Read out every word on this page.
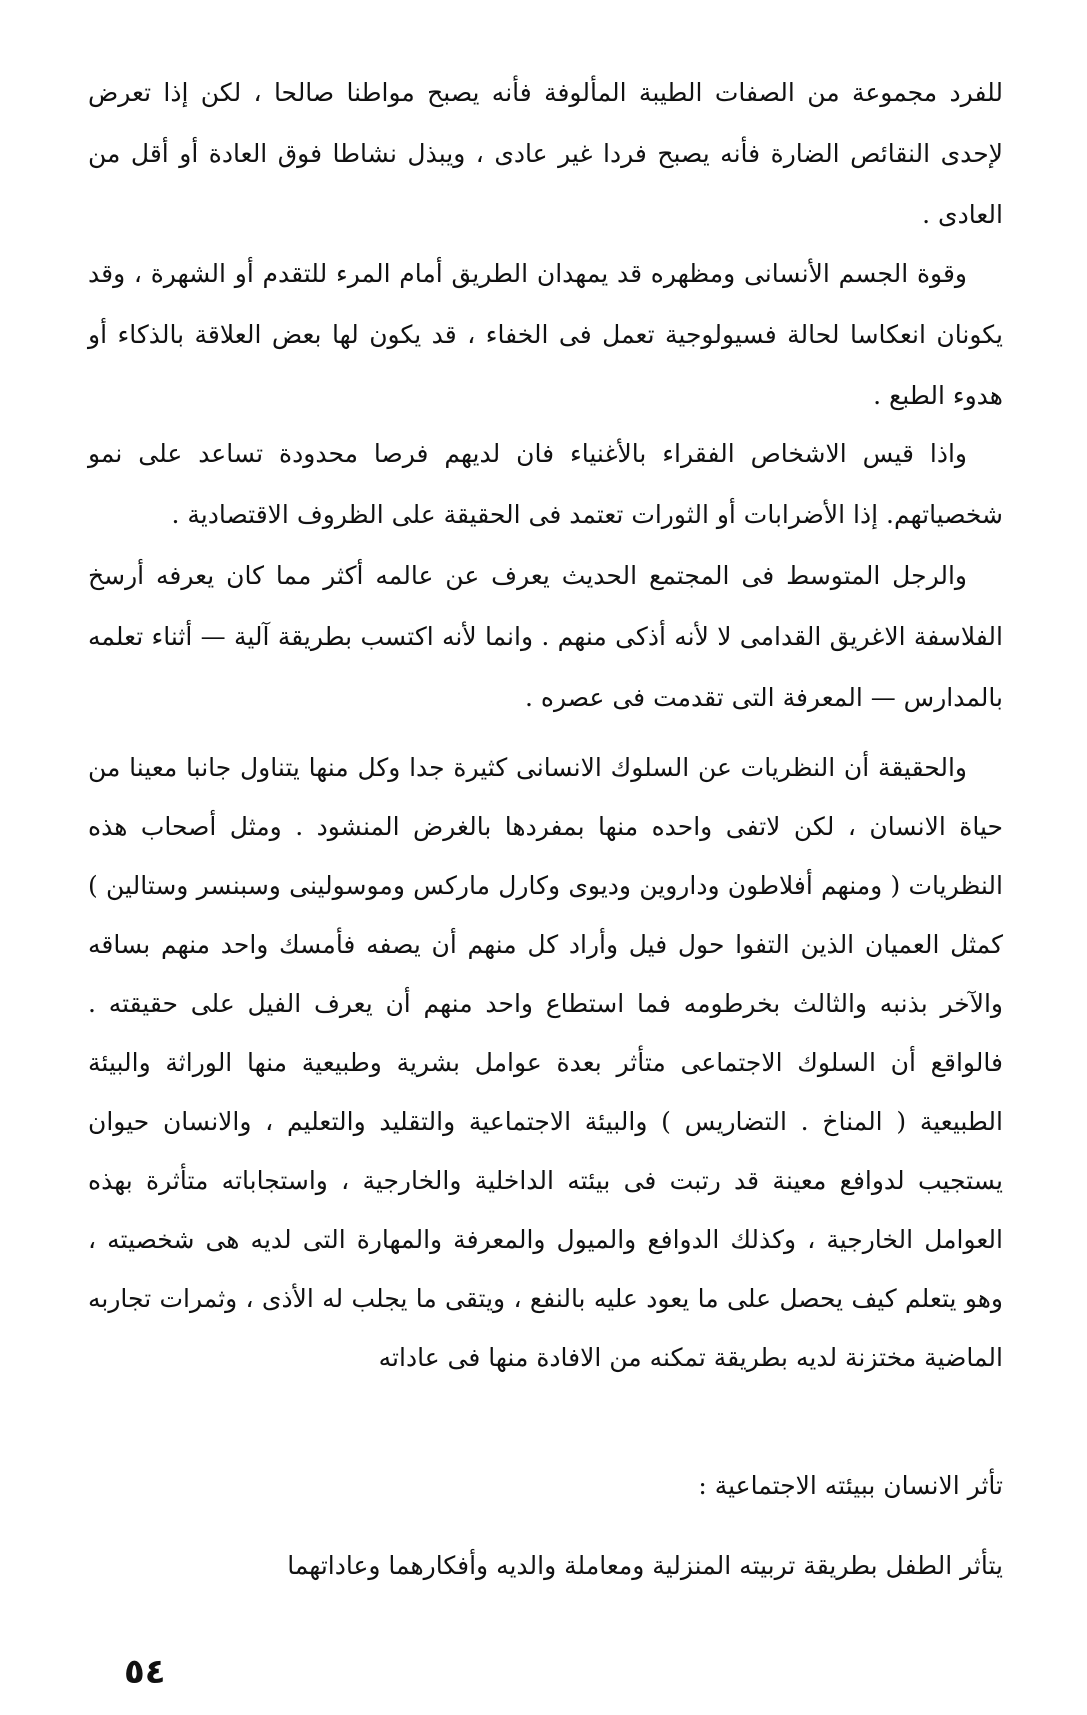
للفرد مجموعة من الصفات الطيبة المألوفة فأنه يصبح مواطنا صالحا ، لكن إذا تعرض لإحدى النقائص الضارة فأنه يصبح فردا غير عادى ، ويبذل نشاطا فوق العادة أو أقل من العادى .

وقوة الجسم الأنسانى ومظهره قد يمهدان الطريق أمام المرء للتقدم أو الشهرة ، وقد يكونان انعكاسا لحالة فسيولوجية تعمل فى الخفاء ، قد يكون لها بعض العلاقة بالذكاء أو هدوء الطبع .

واذا قيس الاشخاص الفقراء بالأغنياء فان لديهم فرصا محدودة تساعد على نمو شخصياتهم. إذا الأضرابات أو الثورات تعتمد فى الحقيقة على الظروف الاقتصادية .

والرجل المتوسط فى المجتمع الحديث يعرف عن عالمه أكثر مما كان يعرفه أرسخ الفلاسفة الاغريق القدامى لا لأنه أذكى منهم . وانما لأنه اكتسب بطريقة آلية — أثناء تعلمه بالمدارس — المعرفة التى تقدمت فى عصره .

والحقيقة أن النظريات عن السلوك الانسانى كثيرة جدا وكل منها يتناول جانبا معينا من حياة الانسان ، لكن لاتفى واحده منها بمفردها بالغرض المنشود . ومثل أصحاب هذه النظريات ( ومنهم أفلاطون وداروين وديوى وكارل ماركس وموسولينى وسبنسر وستالين ) كمثل العميان الذين التفوا حول فيل وأراد كل منهم أن يصفه فأمسك واحد منهم بساقه والآخر بذنبه والثالث بخرطومه فما استطاع واحد منهم أن يعرف الفيل على حقيقته . فالواقع أن السلوك الاجتماعى متأثر بعدة عوامل بشرية وطبيعية منها الوراثة والبيئة الطبيعية ( المناخ . التضاريس ) والبيئة الاجتماعية والتقليد والتعليم ، والانسان حيوان يستجيب لدوافع معينة قد رتبت فى بيئته الداخلية والخارجية ، واستجاباته متأثرة بهذه العوامل الخارجية ، وكذلك الدوافع والميول والمعرفة والمهارة التى لديه هى شخصيته ، وهو يتعلم كيف يحصل على ما يعود عليه بالنفع ، ويتقى ما يجلب له الأذى ، وثمرات تجاربه الماضية مختزنة لديه بطريقة تمكنه من الافادة منها فى عاداته

تأثر الانسان ببيئته الاجتماعية :

يتأثر الطفل بطريقة تربيته المنزلية ومعاملة والديه وأفكارهما وعاداتهما

٥٤
